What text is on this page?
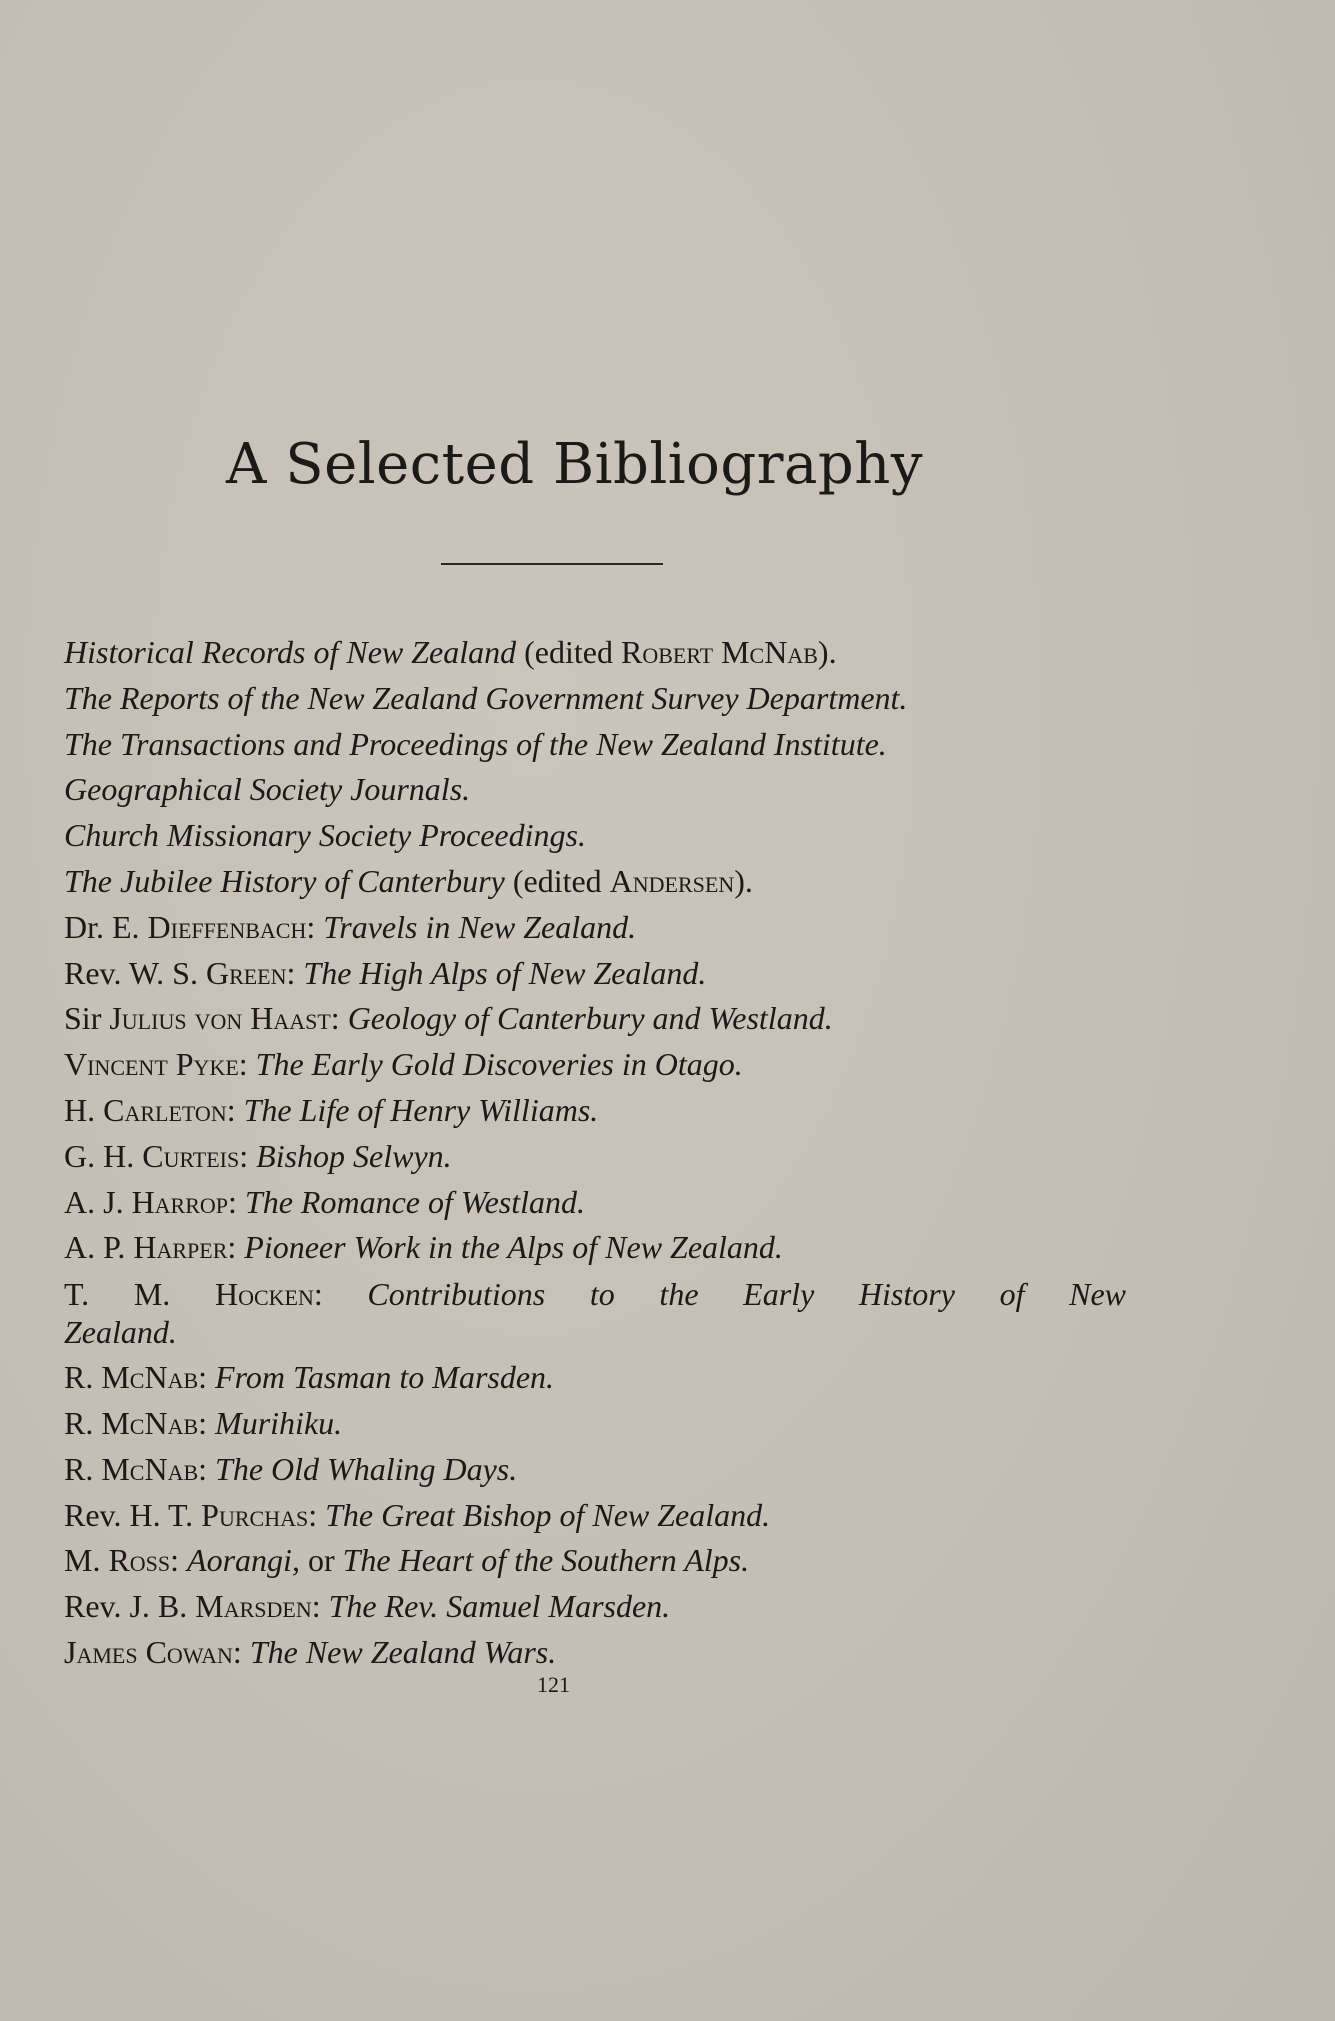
A Selected Bibliography
Historical Records of New Zealand (edited Robert McNab).
The Reports of the New Zealand Government Survey Department.
The Transactions and Proceedings of the New Zealand Institute.
Geographical Society Journals.
Church Missionary Society Proceedings.
The Jubilee History of Canterbury (edited Andersen).
Dr. E. Dieffenbach: Travels in New Zealand.
Rev. W. S. Green: The High Alps of New Zealand.
Sir Julius von Haast: Geology of Canterbury and Westland.
Vincent Pyke: The Early Gold Discoveries in Otago.
H. Carleton: The Life of Henry Williams.
G. H. Curteis: Bishop Selwyn.
A. J. Harrop: The Romance of Westland.
A. P. Harper: Pioneer Work in the Alps of New Zealand.
T. M. Hocken: Contributions to the Early History of New
Zealand.
R. McNab: From Tasman to Marsden.
R. McNab: Murihiku.
R. McNab: The Old Whaling Days.
Rev. H. T. Purchas: The Great Bishop of New Zealand.
M. Ross: Aorangi, or The Heart of the Southern Alps.
Rev. J. B. Marsden: The Rev. Samuel Marsden.
James Cowan: The New Zealand Wars.

121
